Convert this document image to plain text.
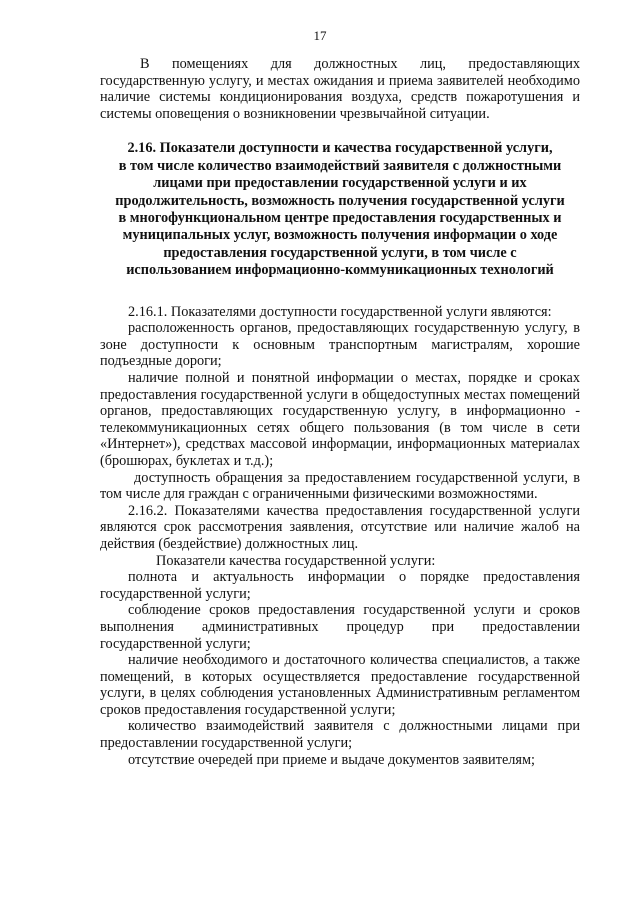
17

В помещениях для должностных лиц, предоставляющих государственную услугу, и местах ожидания и приема заявителей необходимо наличие системы кондиционирования воздуха, средств пожаротушения и системы оповещения о возникновении чрезвычайной ситуации.

2.16. Показатели доступности и качества государственной услуги,
в том числе количество взаимодействий заявителя с должностными
лицами при предоставлении государственной услуги и их
продолжительность, возможность получения государственной услуги
в многофункциональном центре предоставления государственных и
муниципальных услуг, возможность получения информации о ходе
предоставления государственной услуги, в том числе с
использованием информационно-коммуникационных технологий

2.16.1. Показателями доступности государственной услуги являются:

расположенность органов, предоставляющих государственную услугу, в зоне доступности к основным транспортным магистралям, хорошие подъездные дороги;

наличие полной и понятной информации о местах, порядке и сроках предоставления государственной услуги в общедоступных местах помещений органов, предоставляющих государственную услугу, в информационно - телекоммуникационных сетях общего пользования (в том числе в сети «Интернет»), средствах массовой информации, информационных материалах (брошюрах, буклетах и т.д.);

доступность обращения за предоставлением государственной услуги, в том числе для граждан с ограниченными физическими возможностями.

2.16.2. Показателями качества предоставления государственной услуги являются срок рассмотрения заявления, отсутствие или наличие жалоб на действия (бездействие) должностных лиц.

Показатели качества государственной услуги:

полнота и актуальность информации о порядке предоставления государственной услуги;

соблюдение сроков предоставления государственной услуги и сроков выполнения административных процедур при предоставлении государственной услуги;

наличие необходимого и достаточного количества специалистов, а также помещений, в которых осуществляется предоставление государственной услуги, в целях соблюдения установленных Административным регламентом сроков предоставления государственной услуги;

количество взаимодействий заявителя с должностными лицами при предоставлении государственной услуги;

отсутствие очередей при приеме и выдаче документов заявителям;
